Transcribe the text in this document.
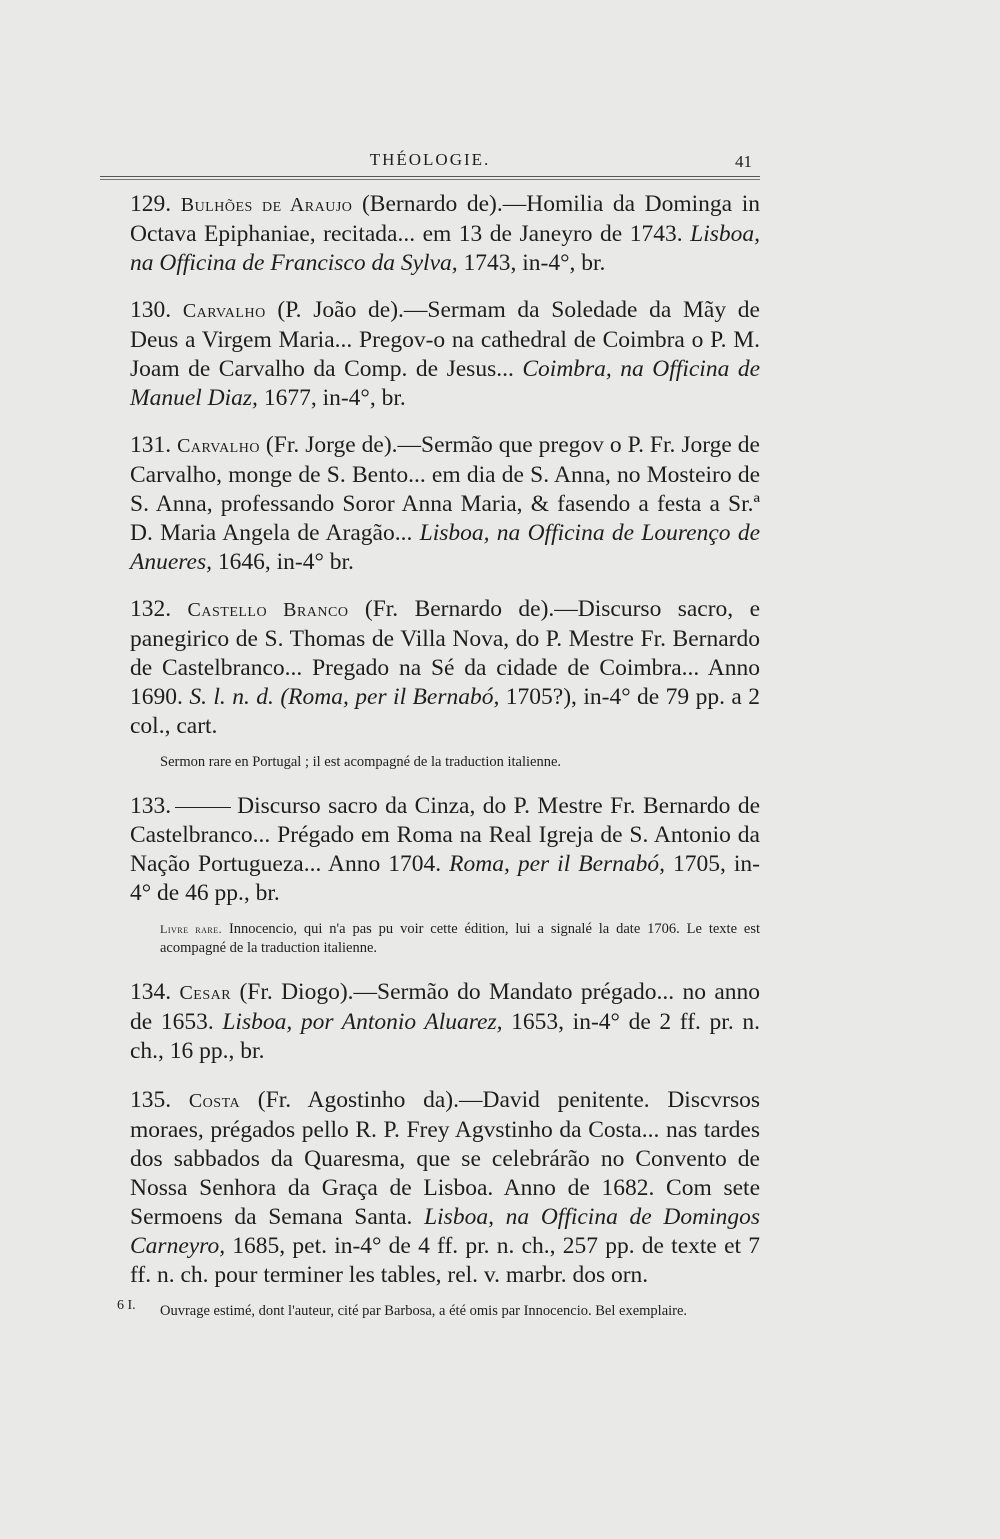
THÉOLOGIE.	41

129. Bulhões de Araujo (Bernardo de).—Homilia da Dominga in Octava Epiphaniae, recitada... em 13 de Janeyro de 1743. Lisboa, na Officina de Francisco da Sylva, 1743, in-4°, br.

130. Carvalho (P. João de).—Sermam da Soledade da Mãy de Deus a Virgem Maria... Pregov-o na cathedral de Coimbra o P. M. Joam de Carvalho da Comp. de Jesus... Coimbra, na Officina de Manuel Diaz, 1677, in-4°, br.

131. Carvalho (Fr. Jorge de).—Sermão que pregov o P. Fr. Jorge de Carvalho, monge de S. Bento... em dia de S. Anna, no Mosteiro de S. Anna, professando Soror Anna Maria, & fasendo a festa a Sr.ª D. Maria Angela de Aragão... Lisboa, na Officina de Lourenço de Anueres, 1646, in-4° br.

132. Castello Branco (Fr. Bernardo de).—Discurso sacro, e panegirico de S. Thomas de Villa Nova, do P. Mestre Fr. Bernardo de Castelbranco... Pregado na Sé da cidade de Coimbra... Anno 1690. S. l. n. d. (Roma, per il Bernabó, 1705?), in-4° de 79 pp. a 2 col., cart.

Sermon rare en Portugal ; il est acompagné de la traduction italienne.

133.	Discurso sacro da Cinza, do P. Mestre Fr. Bernardo de Castelbranco... Prégado em Roma na Real Igreja de S. Antonio da Nação Portugueza... Anno 1704. Roma, per il Bernabó, 1705, in-4° de 46 pp., br.

Livre rare. Innocencio, qui n'a pas pu voir cette édition, lui a signalé la date 1706. Le texte est acompagné de la traduction italienne.

134. Cesar (Fr. Diogo).—Sermão do Mandato prégado... no anno de 1653. Lisboa, por Antonio Aluarez, 1653, in-4° de 2 ff. pr. n. ch., 16 pp., br.

135. Costa (Fr. Agostinho da).—David penitente. Discvrsos moraes, prégados pello R. P. Frey Agvstinho da Costa... nas tardes dos sabbados da Quaresma, que se celebrárão no Convento de Nossa Senhora da Graça de Lisboa. Anno de 1682. Com sete Sermoens da Semana Santa. Lisboa, na Officina de Domingos Carneyro, 1685, pet. in-4° de 4 ff. pr. n. ch., 257 pp. de texte et 7 ff. n. ch. pour terminer les tables, rel. v. marbr. dos orn.

Ouvrage estimé, dont l'auteur, cité par Barbosa, a été omis par Innocencio. Bel exemplaire.
6 I.
